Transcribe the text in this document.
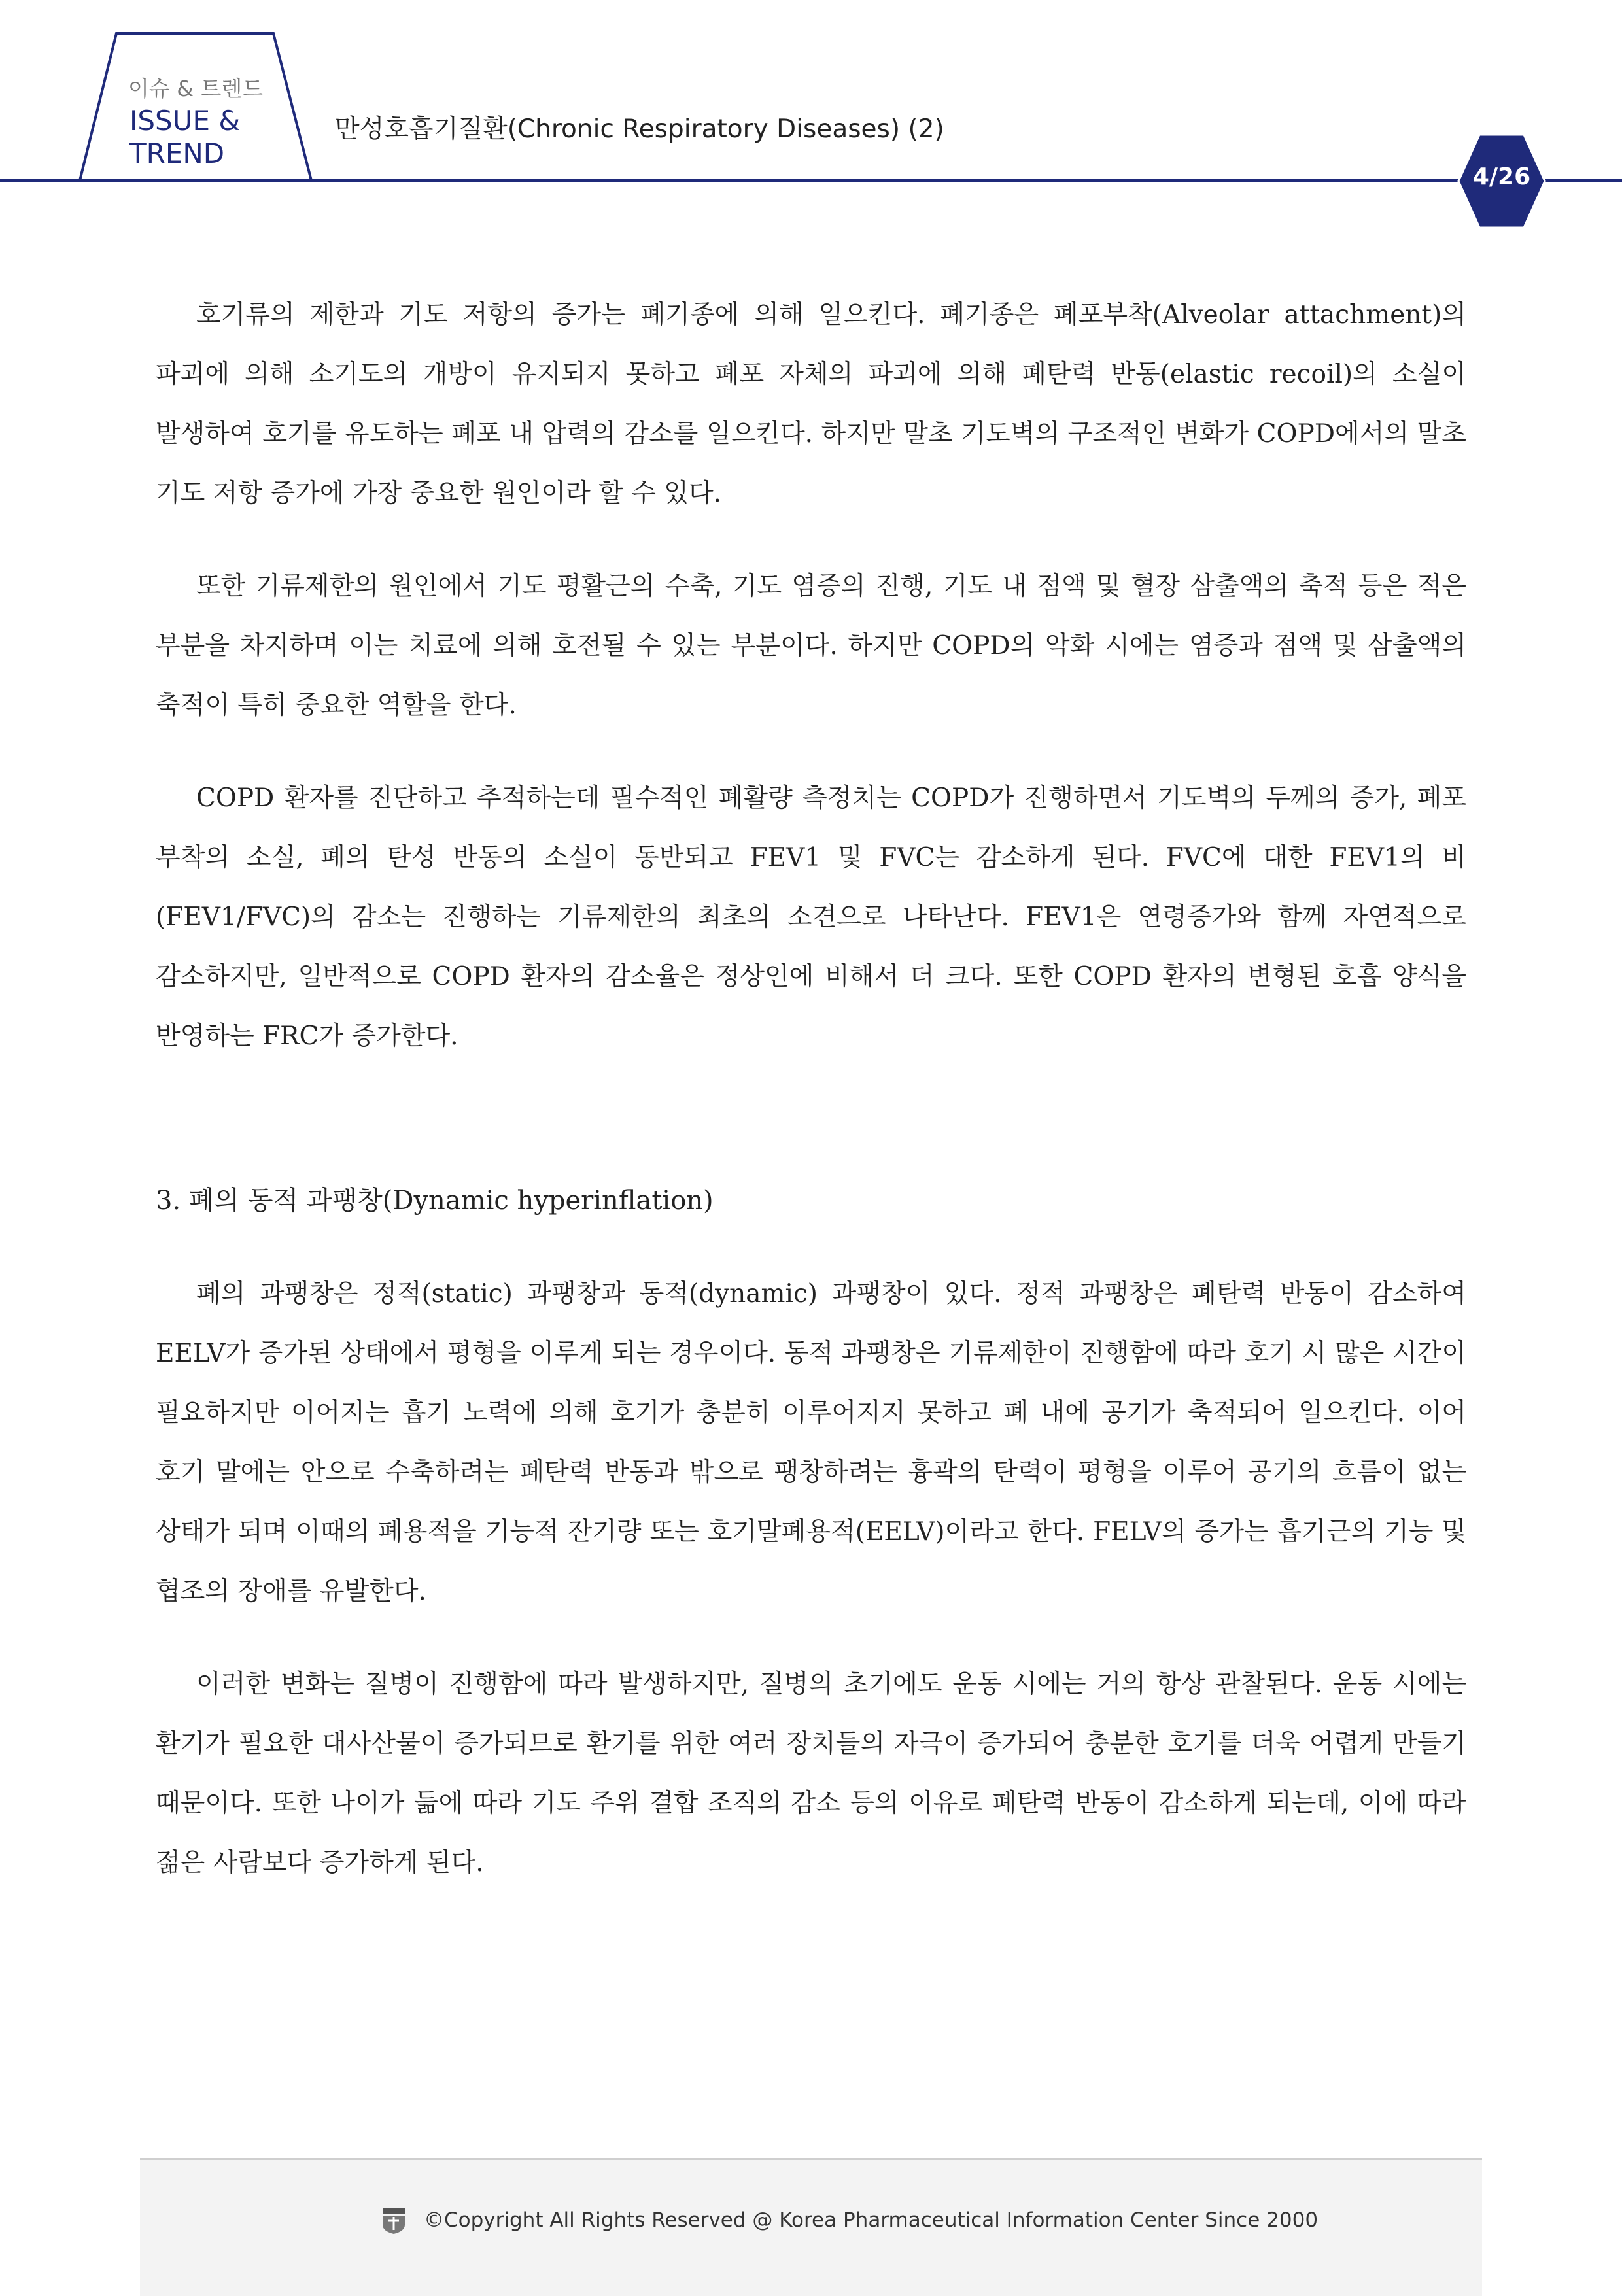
이슈 & 트렌드
ISSUE &
TREND
만성호흡기질환(Chronic Respiratory Diseases) (2)
4/26

호기류의 제한과 기도 저항의 증가는 폐기종에 의해 일으킨다. 폐기종은 폐포부착(Alveolar attachment)의 파괴에 의해 소기도의 개방이 유지되지 못하고 폐포 자체의 파괴에 의해 폐탄력 반동(elastic recoil)의 소실이 발생하여 호기를 유도하는 폐포 내 압력의 감소를 일으킨다. 하지만 말초 기도벽의 구조적인 변화가 COPD에서의 말초 기도 저항 증가에 가장 중요한 원인이라 할 수 있다.

또한 기류제한의 원인에서 기도 평활근의 수축, 기도 염증의 진행, 기도 내 점액 및 혈장 삼출액의 축적 등은 적은 부분을 차지하며 이는 치료에 의해 호전될 수 있는 부분이다. 하지만 COPD의 악화 시에는 염증과 점액 및 삼출액의 축적이 특히 중요한 역할을 한다.

COPD 환자를 진단하고 추적하는데 필수적인 폐활량 측정치는 COPD가 진행하면서 기도벽의 두께의 증가, 폐포 부착의 소실, 폐의 탄성 반동의 소실이 동반되고 FEV1 및 FVC는 감소하게 된다. FVC에 대한 FEV1의 비(FEV1/FVC)의 감소는 진행하는 기류제한의 최초의 소견으로 나타난다. FEV1은 연령증가와 함께 자연적으로 감소하지만, 일반적으로 COPD 환자의 감소율은 정상인에 비해서 더 크다. 또한 COPD 환자의 변형된 호흡 양식을 반영하는 FRC가 증가한다.

3. 폐의 동적 과팽창(Dynamic hyperinflation)

폐의 과팽창은 정적(static) 과팽창과 동적(dynamic) 과팽창이 있다. 정적 과팽창은 폐탄력 반동이 감소하여 EELV가 증가된 상태에서 평형을 이루게 되는 경우이다. 동적 과팽창은 기류제한이 진행함에 따라 호기 시 많은 시간이 필요하지만 이어지는 흡기 노력에 의해 호기가 충분히 이루어지지 못하고 폐 내에 공기가 축적되어 일으킨다. 이어 호기 말에는 안으로 수축하려는 폐탄력 반동과 밖으로 팽창하려는 흉곽의 탄력이 평형을 이루어 공기의 흐름이 없는 상태가 되며 이때의 폐용적을 기능적 잔기량 또는 호기말폐용적(EELV)이라고 한다. FELV의 증가는 흡기근의 기능 및 협조의 장애를 유발한다.

이러한 변화는 질병이 진행함에 따라 발생하지만, 질병의 초기에도 운동 시에는 거의 항상 관찰된다. 운동 시에는 환기가 필요한 대사산물이 증가되므로 환기를 위한 여러 장치들의 자극이 증가되어 충분한 호기를 더욱 어렵게 만들기 때문이다. 또한 나이가 듦에 따라 기도 주위 결합 조직의 감소 등의 이유로 폐탄력 반동이 감소하게 되는데, 이에 따라 젊은 사람보다 증가하게 된다.

©Copyright All Rights Reserved @ Korea Pharmaceutical Information Center Since 2000
